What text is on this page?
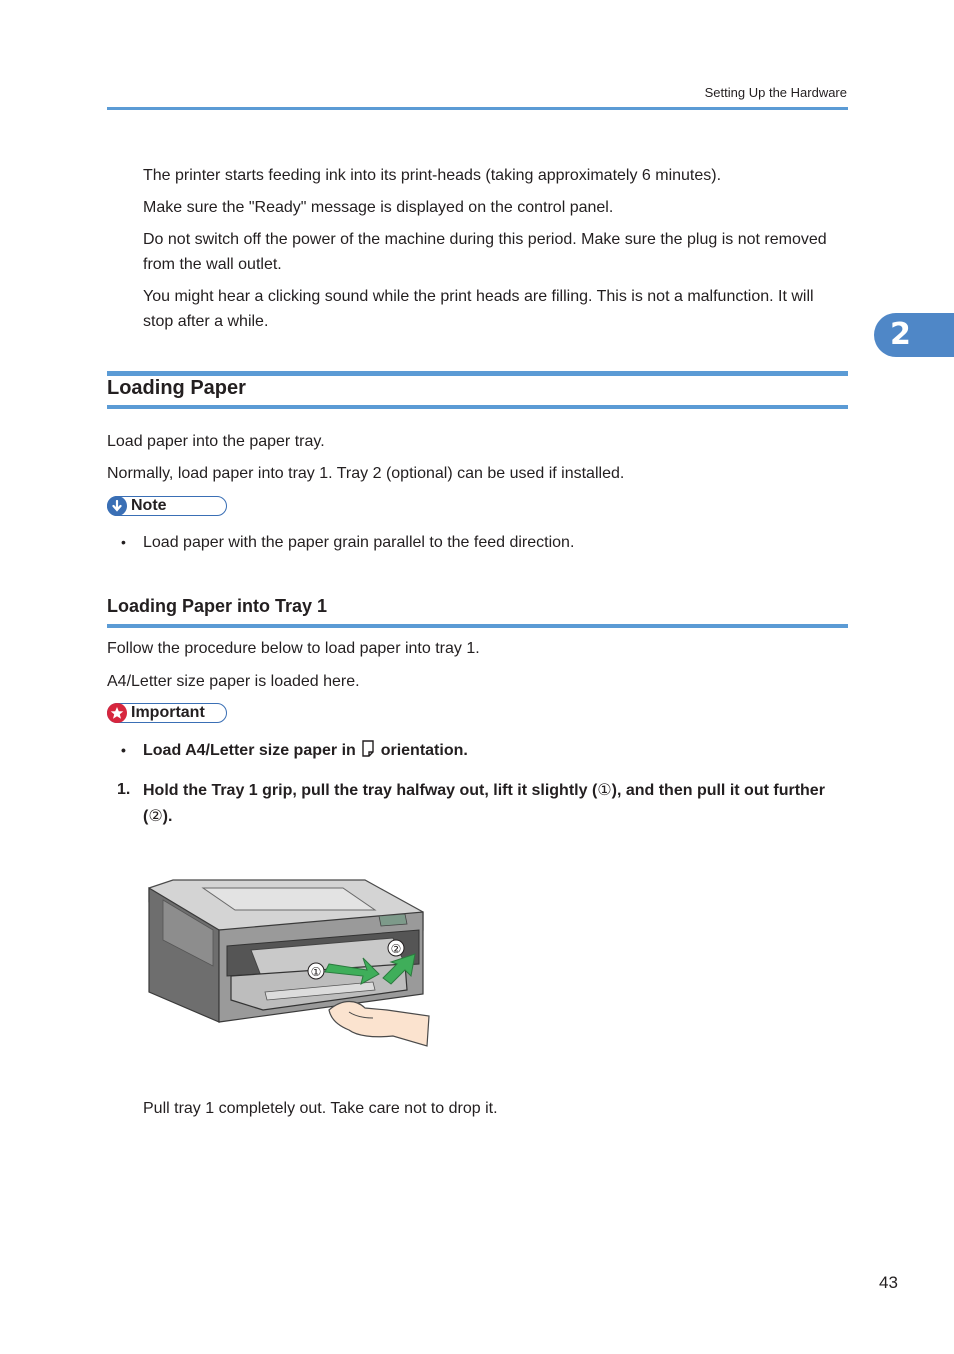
Setting Up the Hardware
2
The printer starts feeding ink into its print-heads (taking approximately 6 minutes).
Make sure the "Ready" message is displayed on the control panel.
Do not switch off the power of the machine during this period. Make sure the plug is not removed from the wall outlet.
You might hear a clicking sound while the print heads are filling. This is not a malfunction. It will stop after a while.
Loading Paper
Load paper into the paper tray.
Normally, load paper into tray 1. Tray 2 (optional) can be used if installed.
Note
• Load paper with the paper grain parallel to the feed direction.
Loading Paper into Tray 1
Follow the procedure below to load paper into tray 1.
A4/Letter size paper is loaded here.
Important
• Load A4/Letter size paper in orientation.
1. Hold the Tray 1 grip, pull the tray halfway out, lift it slightly (①), and then pull it out further (②).
①
②
Pull tray 1 completely out. Take care not to drop it.
43
